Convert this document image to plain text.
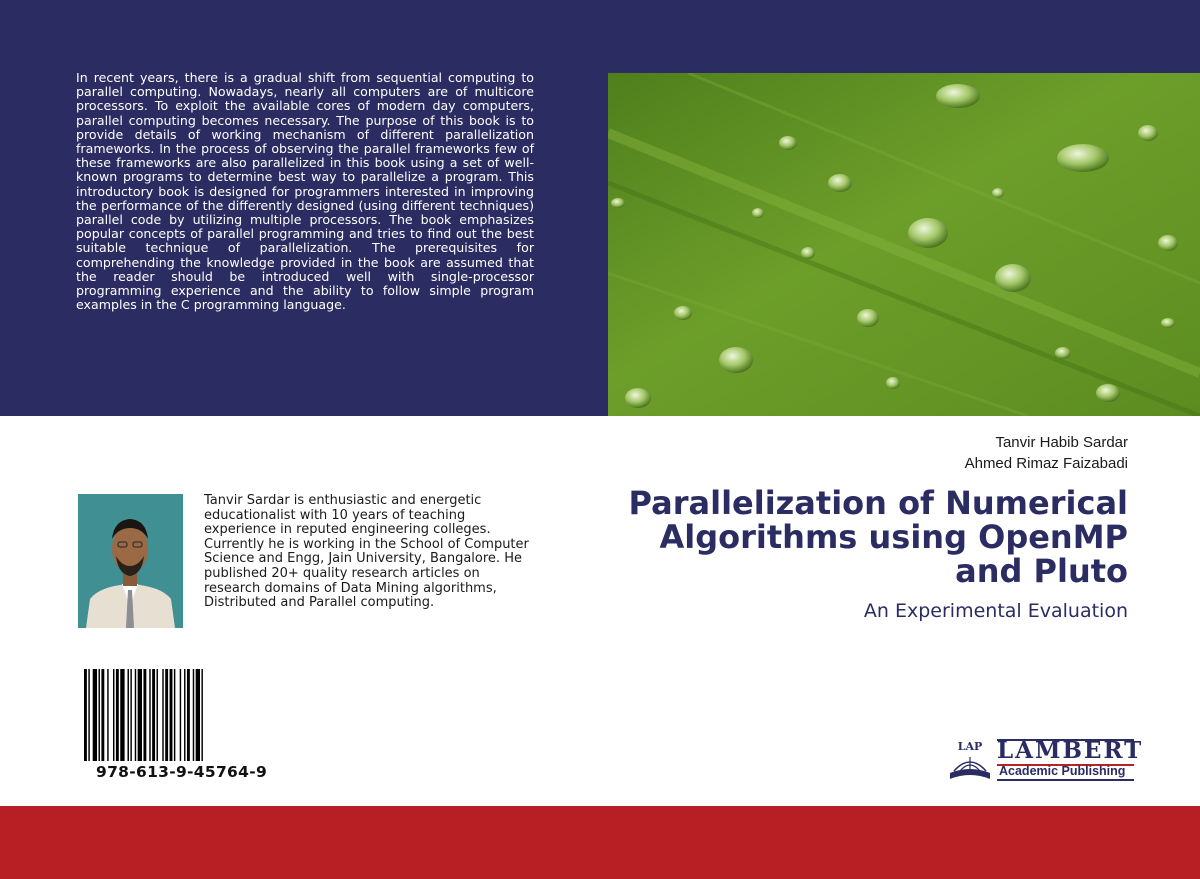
In recent years, there is a gradual shift from sequential computing to parallel computing. Nowadays, nearly all computers are of multicore processors. To exploit the available cores of modern day computers, parallel computing becomes necessary. The purpose of this book is to provide details of working mechanism of different parallelization frameworks. In the process of observing the parallel frameworks few of these frameworks are also parallelized in this book using a set of well-known programs to determine best way to parallelize a program. This introductory book is designed for programmers interested in improving the performance of the differently designed (using different techniques) parallel code by utilizing multiple processors. The book emphasizes popular concepts of parallel programming and tries to find out the best suitable technique of parallelization. The prerequisites for comprehending the knowledge provided in the book are assumed that the reader should be introduced well with single-processor programming experience and the ability to follow simple program examples in the C programming language.

Tanvir Habib Sardar
Ahmed Rimaz Faizabadi
Parallelization of Numerical Algorithms using OpenMP and Pluto

An Experimental Evaluation

Tanvir Sardar is enthusiastic and energetic educationalist with 10 years of teaching experience in reputed engineering colleges. Currently he is working in the School of Computer Science and Engg, Jain University, Bangalore. He published 20+ quality research articles on research domains of Data Mining algorithms, Distributed and Parallel computing.

978-613-9-45764-9
LAP LAMBERT
Academic Publishing
